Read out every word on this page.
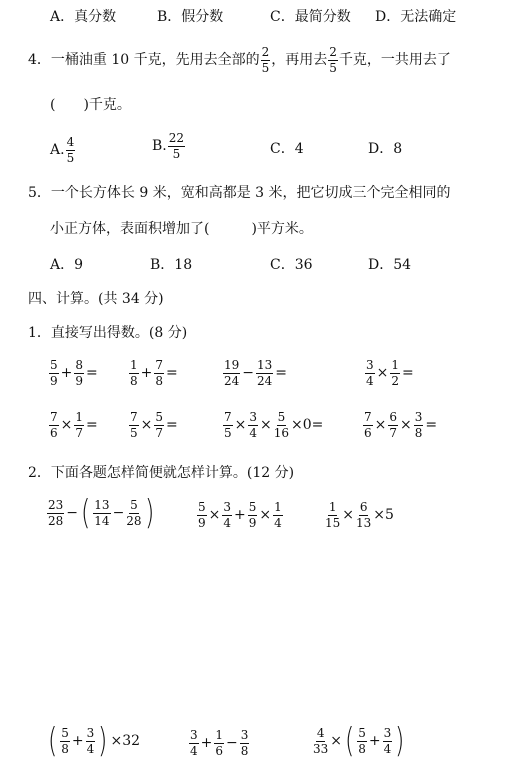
A．真分数	B．假分数	C．最简分数 D．无法确定
4．一桶油重 10 千克，先用去全部的 $\frac{2}{5}$ ，再用去 $\frac{2}{5}$ 千克，一共用去了
(　　)千克。
A. $\frac{4}{5}$	B. $\frac{22}{5}$	C．4	D．8
5．一个长方体长 9 米，宽和高都是 3 米，把它切成三个完全相同的
小正方体，表面积增加了(　　　)平方米。
A．9	B．18	C．36	D．54
四、计算。(共 34 分)
1．直接写出得数。(8 分)
$\frac{5}{9} + \frac{8}{9}$ =	$\frac{1}{8} + \frac{7}{8}$ =	$\frac{19}{24} - \frac{13}{24}$ =	$\frac{3}{4} \times \frac{1}{2}$ =
$\frac{7}{6} \times \frac{1}{7}$ =	$\frac{7}{5} \times \frac{5}{7}$ =	$\frac{7}{5} \times \frac{3}{4} \times \frac{5}{16} \times 0=$	$\frac{7}{6} \times \frac{6}{7} \times \frac{3}{8}$ =
2．下面各题怎样简便就怎样计算。(12 分)
$\frac{23}{28}$ − ( $\frac{13}{14} - \frac{5}{28}$ )	$\frac{5}{9} \times \frac{3}{4} + \frac{5}{9} \times \frac{1}{4}$	$\frac{1}{15} \times \frac{6}{13} \times 5$
( $\frac{5}{8} + \frac{3}{4}$ ) ×32	$\frac{3}{4} + \frac{1}{6} - \frac{3}{8}$	$\frac{4}{33}$ × ( $\frac{5}{8} + \frac{3}{4}$ )
